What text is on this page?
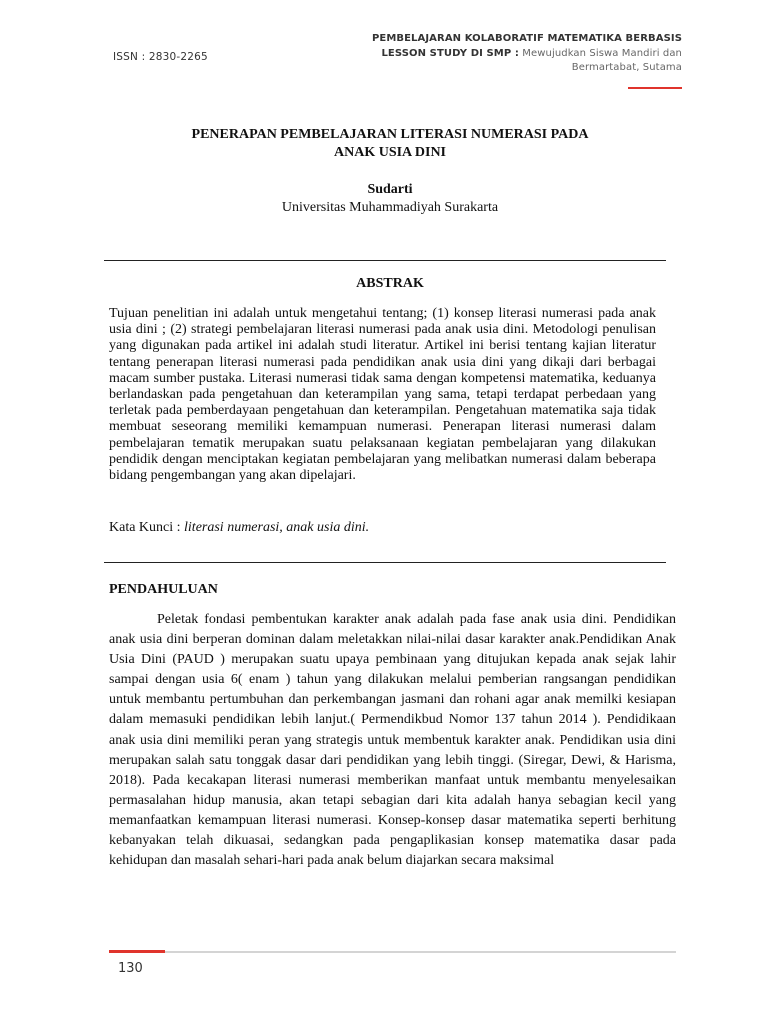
ISSN : 2830-2265
PEMBELAJARAN KOLABORATIF MATEMATIKA BERBASIS
LESSON STUDY DI SMP : Mewujudkan Siswa Mandiri dan
Bermartabat, Sutama
PENERAPAN PEMBELAJARAN LITERASI NUMERASI PADA
ANAK USIA DINI
Sudarti
Universitas Muhammadiyah Surakarta
ABSTRAK

Tujuan penelitian ini adalah untuk mengetahui tentang; (1) konsep literasi numerasi pada anak usia dini ; (2) strategi pembelajaran literasi numerasi pada anak usia dini. Metodologi penulisan yang digunakan pada artikel ini adalah studi literatur. Artikel ini berisi tentang kajian literatur tentang penerapan literasi numerasi pada pendidikan anak usia dini yang dikaji dari berbagai macam sumber pustaka. Literasi numerasi tidak sama dengan kompetensi matematika, keduanya berlandaskan pada pengetahuan dan keterampilan yang sama, tetapi terdapat perbedaan yang terletak pada pemberdayaan pengetahuan dan keterampilan. Pengetahuan matematika saja tidak membuat seseorang memiliki kemampuan numerasi. Penerapan literasi numerasi dalam pembelajaran tematik merupakan suatu pelaksanaan kegiatan pembelajaran yang dilakukan pendidik dengan menciptakan kegiatan pembelajaran yang melibatkan numerasi dalam beberapa bidang pengembangan yang akan dipelajari.

Kata Kunci : literasi numerasi, anak usia dini.
PENDAHULUAN

Peletak fondasi pembentukan karakter anak adalah pada fase anak usia dini. Pendidikan anak usia dini berperan dominan dalam meletakkan nilai-nilai dasar karakter anak.Pendidikan Anak Usia Dini (PAUD ) merupakan suatu upaya pembinaan yang ditujukan kepada anak sejak lahir sampai dengan usia 6( enam ) tahun yang dilakukan melalui pemberian rangsangan pendidikan untuk membantu pertumbuhan dan perkembangan jasmani dan rohani agar anak memilki kesiapan dalam memasuki pendidikan lebih lanjut.( Permendikbud Nomor 137 tahun 2014 ). Pendidikaan anak usia dini memiliki peran yang strategis untuk membentuk karakter anak. Pendidikan usia dini merupakan salah satu tonggak dasar dari pendidikan yang lebih tinggi. (Siregar, Dewi, & Harisma, 2018). Pada kecakapan literasi numerasi memberikan manfaat untuk membantu menyelesaikan permasalahan hidup manusia, akan tetapi sebagian dari kita adalah hanya sebagian kecil yang memanfaatkan kemampuan literasi numerasi. Konsep-konsep dasar matematika seperti berhitung kebanyakan telah dikuasai, sedangkan pada pengaplikasian konsep matematika dasar pada kehidupan dan masalah sehari-hari pada anak belum diajarkan secara maksimal

130
